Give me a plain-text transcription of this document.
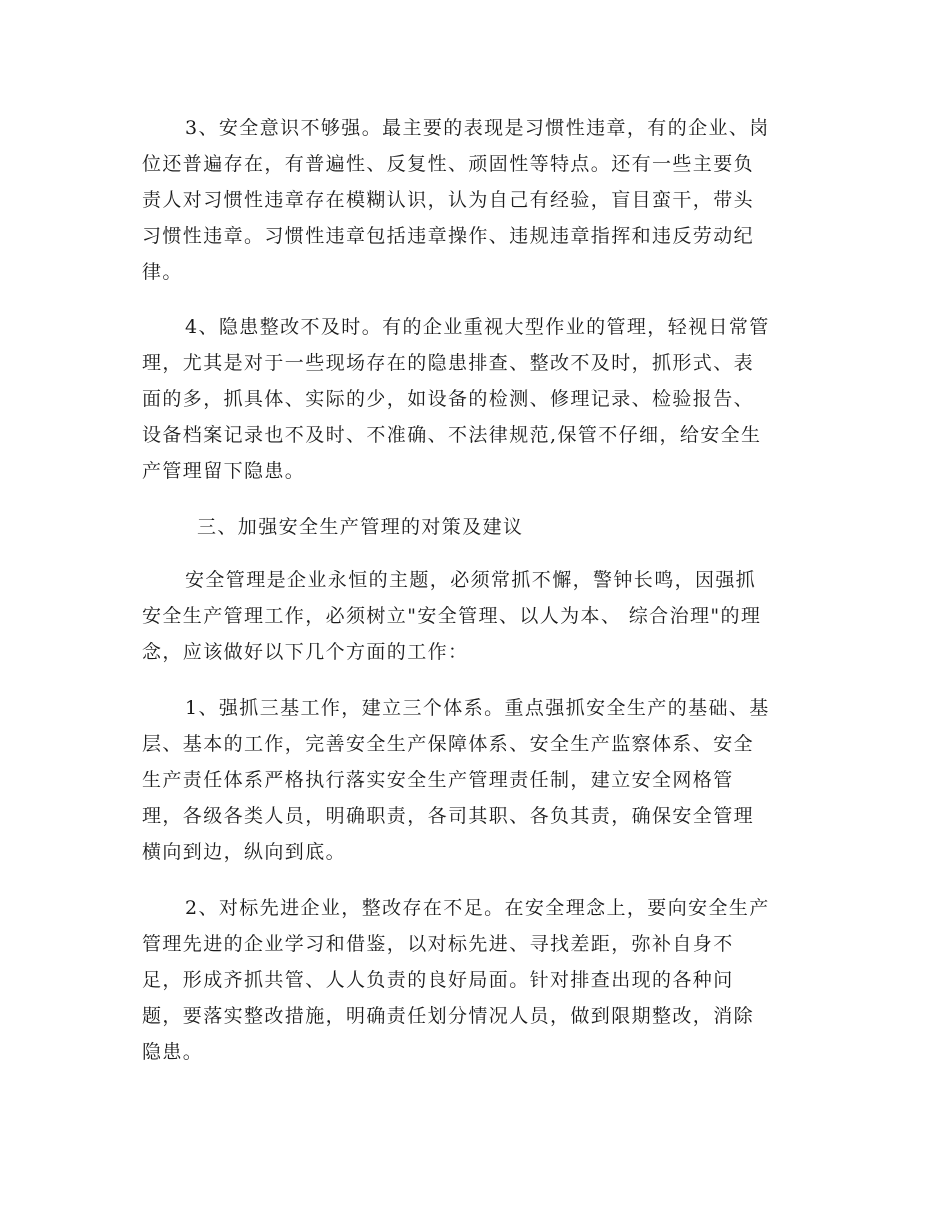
3、安全意识不够强。最主要的表现是习惯性违章，有的企业、岗
位还普遍存在，有普遍性、反复性、顽固性等特点。还有一些主要负
责人对习惯性违章存在模糊认识，认为自己有经验，盲目蛮干，带头
习惯性违章。习惯性违章包括违章操作、违规违章指挥和违反劳动纪
律。
4、隐患整改不及时。有的企业重视大型作业的管理，轻视日常管
理，尤其是对于一些现场存在的隐患排查、整改不及时，抓形式、表
面的多，抓具体、实际的少，如设备的检测、修理记录、检验报告、
设备档案记录也不及时、不准确、不法律规范,保管不仔细，给安全生
产管理留下隐患。
三、加强安全生产管理的对策及建议
安全管理是企业永恒的主题，必须常抓不懈，警钟长鸣，因强抓
安全生产管理工作，必须树立"安全管理、以人为本、 综合治理"的理
念，应该做好以下几个方面的工作：
1、强抓三基工作，建立三个体系。重点强抓安全生产的基础、基
层、基本的工作，完善安全生产保障体系、安全生产监察体系、安全
生产责任体系严格执行落实安全生产管理责任制，建立安全网格管
理，各级各类人员，明确职责，各司其职、各负其责，确保安全管理
横向到边，纵向到底。
2、对标先进企业，整改存在不足。在安全理念上，要向安全生产
管理先进的企业学习和借鉴，以对标先进、寻找差距，弥补自身不
足，形成齐抓共管、人人负责的良好局面。针对排查出现的各种问
题，要落实整改措施，明确责任划分情况人员，做到限期整改，消除
隐患。
